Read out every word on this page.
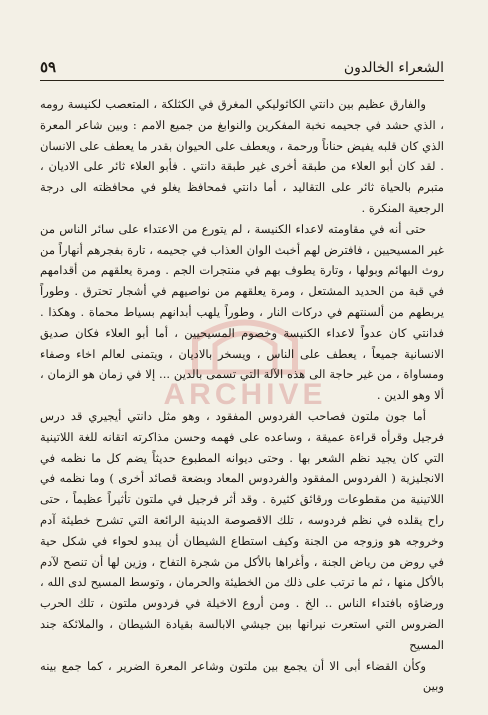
الشعراء الخالدون
٥٩
ARCHIVE

والفارق عظيم بين دانتي الكاثوليكي المغرق في الكثلكة ، المتعصب لكنيسة رومه ، الذي حشد في جحيمه نخبة المفكرين والنوابغ من جميع الامم : وبين شاعر المعرة الذي كان قلبه يفيض حناناً ورحمة ، ويعطف على الحيوان بقدر ما يعطف على الانسان . لقد كان أبو العلاء من طبقة أخرى غير طبقة دانتي . فأبو العلاء ثائر على الاديان ، متبرم بالحياة ثائر على التقاليد ، أما دانتي فمحافظ يغلو في محافظته الى درجة الرجعية المنكرة .

حتى أنه في مقاومته لاعداء الكنيسة ، لم يتورع من الاعتداء على سائر الناس من غير المسيحيين ، فافترض لهم أخبث الوان العذاب في جحيمه ، تارة بفجرهم أنهاراً من روث البهائم وبولها ، وتارة يطوف بهم في منتجرات الجم . ومرة يعلقهم من أقدامهم في قبة من الحديد المشتعل ، ومرة يعلقهم من نواصيهم في أشجار تحترق . وطوراً يربطهم من ألسنتهم في دركات النار ، وطوراً يلهب أبدانهم بسياط محماة . وهكذا . فدانتي كان عدواً لاعداء الكنيسة وخصوم المسيحيين ، أما أبو العلاء فكان صديق الانسانية جميعاً ، يعطف على الناس ، ويسخر بالاديان ، ويتمنى لعالم اخاء وصفاء ومساواة ، من غير حاجة الى هذه الآلة التي تسمى بالدين ... إلا في زمان هو الزمان ، ألا وهو الدين .

أما جون ملتون فصاحب الفردوس المفقود ، وهو مثل دانتي أيجيري قد درس فرجيل وقرأه قراءة عميقة ، وساعده على فهمه وحسن مذاكرته اتقانه للغة اللاتينية التي كان يجيد نظم الشعر بها . وحتى ديوانه المطبوع حديثاً يضم كل ما نظمه في الانجليزية ( الفردوس المفقود والفردوس المعاد وبضعة قصائد أخرى ) وما نظمه في اللاتينية من مقطوعات ورقائق كثيرة . وقد أثر فرجيل في ملتون تأثيراً عظيماً ، حتى راح يقلده في نظم فردوسه ، تلك الاقصوصة الدينية الرائعة التي تشرح خطيئة آدم وخروجه هو وزوجه من الجنة وكيف استطاع الشيطان أن يبدو لحواء في شكل حية في روض من رياض الجنة ، وأغراها بالأكل من شجرة التفاح ، وزين لها أن تنصح لآدم بالأكل منها ، ثم ما ترتب على ذلك من الخطيئة والحرمان ، وتوسط المسيح لدى الله ، ورضاؤه بافتداء الناس .. الخ . ومن أروع الاخيلة في فردوس ملتون ، تلك الحرب الضروس التي استعرت نيرانها بين جيشي الابالسة بقيادة الشيطان ، والملائكة جند المسيح

وكأن القضاء أبى الا أن يجمع بين ملتون وشاعر المعرة الضرير ، كما جمع بينه وبين
